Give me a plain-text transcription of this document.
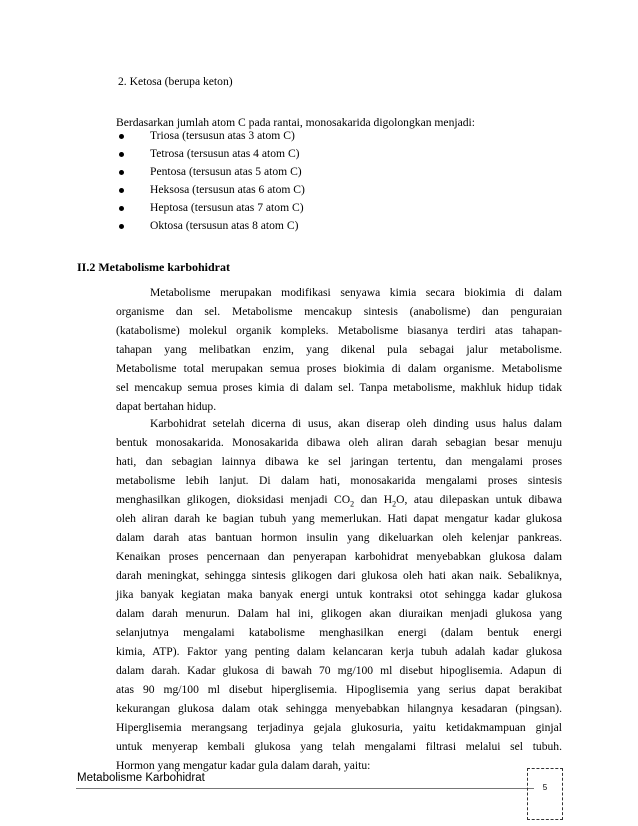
2. Ketosa (berupa keton)
Berdasarkan jumlah atom C pada rantai, monosakarida digolongkan menjadi:
Triosa (tersusun atas 3 atom C)
Tetrosa (tersusun atas 4 atom C)
Pentosa (tersusun atas 5 atom C)
Heksosa (tersusun atas 6 atom C)
Heptosa (tersusun atas 7 atom C)
Oktosa (tersusun atas 8 atom C)
II.2 Metabolisme karbohidrat
Metabolisme merupakan modifikasi senyawa kimia secara biokimia di dalam
organisme dan sel. Metabolisme mencakup sintesis (anabolisme) dan penguraian
(katabolisme) molekul organik kompleks. Metabolisme biasanya terdiri atas tahapan-
tahapan yang melibatkan enzim, yang dikenal pula sebagai jalur metabolisme.
Metabolisme total merupakan semua proses biokimia di dalam organisme. Metabolisme
sel mencakup semua proses kimia di dalam sel. Tanpa metabolisme, makhluk hidup tidak
dapat bertahan hidup.
Karbohidrat setelah dicerna di usus, akan diserap oleh dinding usus halus dalam
bentuk monosakarida. Monosakarida dibawa oleh aliran darah sebagian besar menuju
hati, dan sebagian lainnya dibawa ke sel jaringan tertentu, dan mengalami proses
metabolisme lebih lanjut. Di dalam hati, monosakarida mengalami proses sintesis
menghasilkan glikogen, dioksidasi menjadi $CO_2$ dan $H_2O$, atau dilepaskan untuk dibawa
oleh aliran darah ke bagian tubuh yang memerlukan. Hati dapat mengatur kadar glukosa
dalam darah atas bantuan hormon insulin yang dikeluarkan oleh kelenjar pankreas.
Kenaikan proses pencernaan dan penyerapan karbohidrat menyebabkan glukosa dalam
darah meningkat, sehingga sintesis glikogen dari glukosa oleh hati akan naik. Sebaliknya,
jika banyak kegiatan maka banyak energi untuk kontraksi otot sehingga kadar glukosa
dalam darah menurun. Dalam hal ini, glikogen akan diuraikan menjadi glukosa yang
selanjutnya mengalami katabolisme menghasilkan energi (dalam bentuk energi
kimia, ATP). Faktor yang penting dalam kelancaran kerja tubuh adalah kadar glukosa
dalam darah. Kadar glukosa di bawah 70 mg/100 ml disebut hipoglisemia. Adapun di
atas 90 mg/100 ml disebut hiperglisemia. Hipoglisemia yang serius dapat berakibat
kekurangan glukosa dalam otak sehingga menyebabkan hilangnya kesadaran (pingsan).
Hiperglisemia merangsang terjadinya gejala glukosuria, yaitu ketidakmampuan ginjal
untuk menyerap kembali glukosa yang telah mengalami filtrasi melalui sel tubuh.
Hormon yang mengatur kadar gula dalam darah, yaitu:
Metabolisme Karbohidrat
5
